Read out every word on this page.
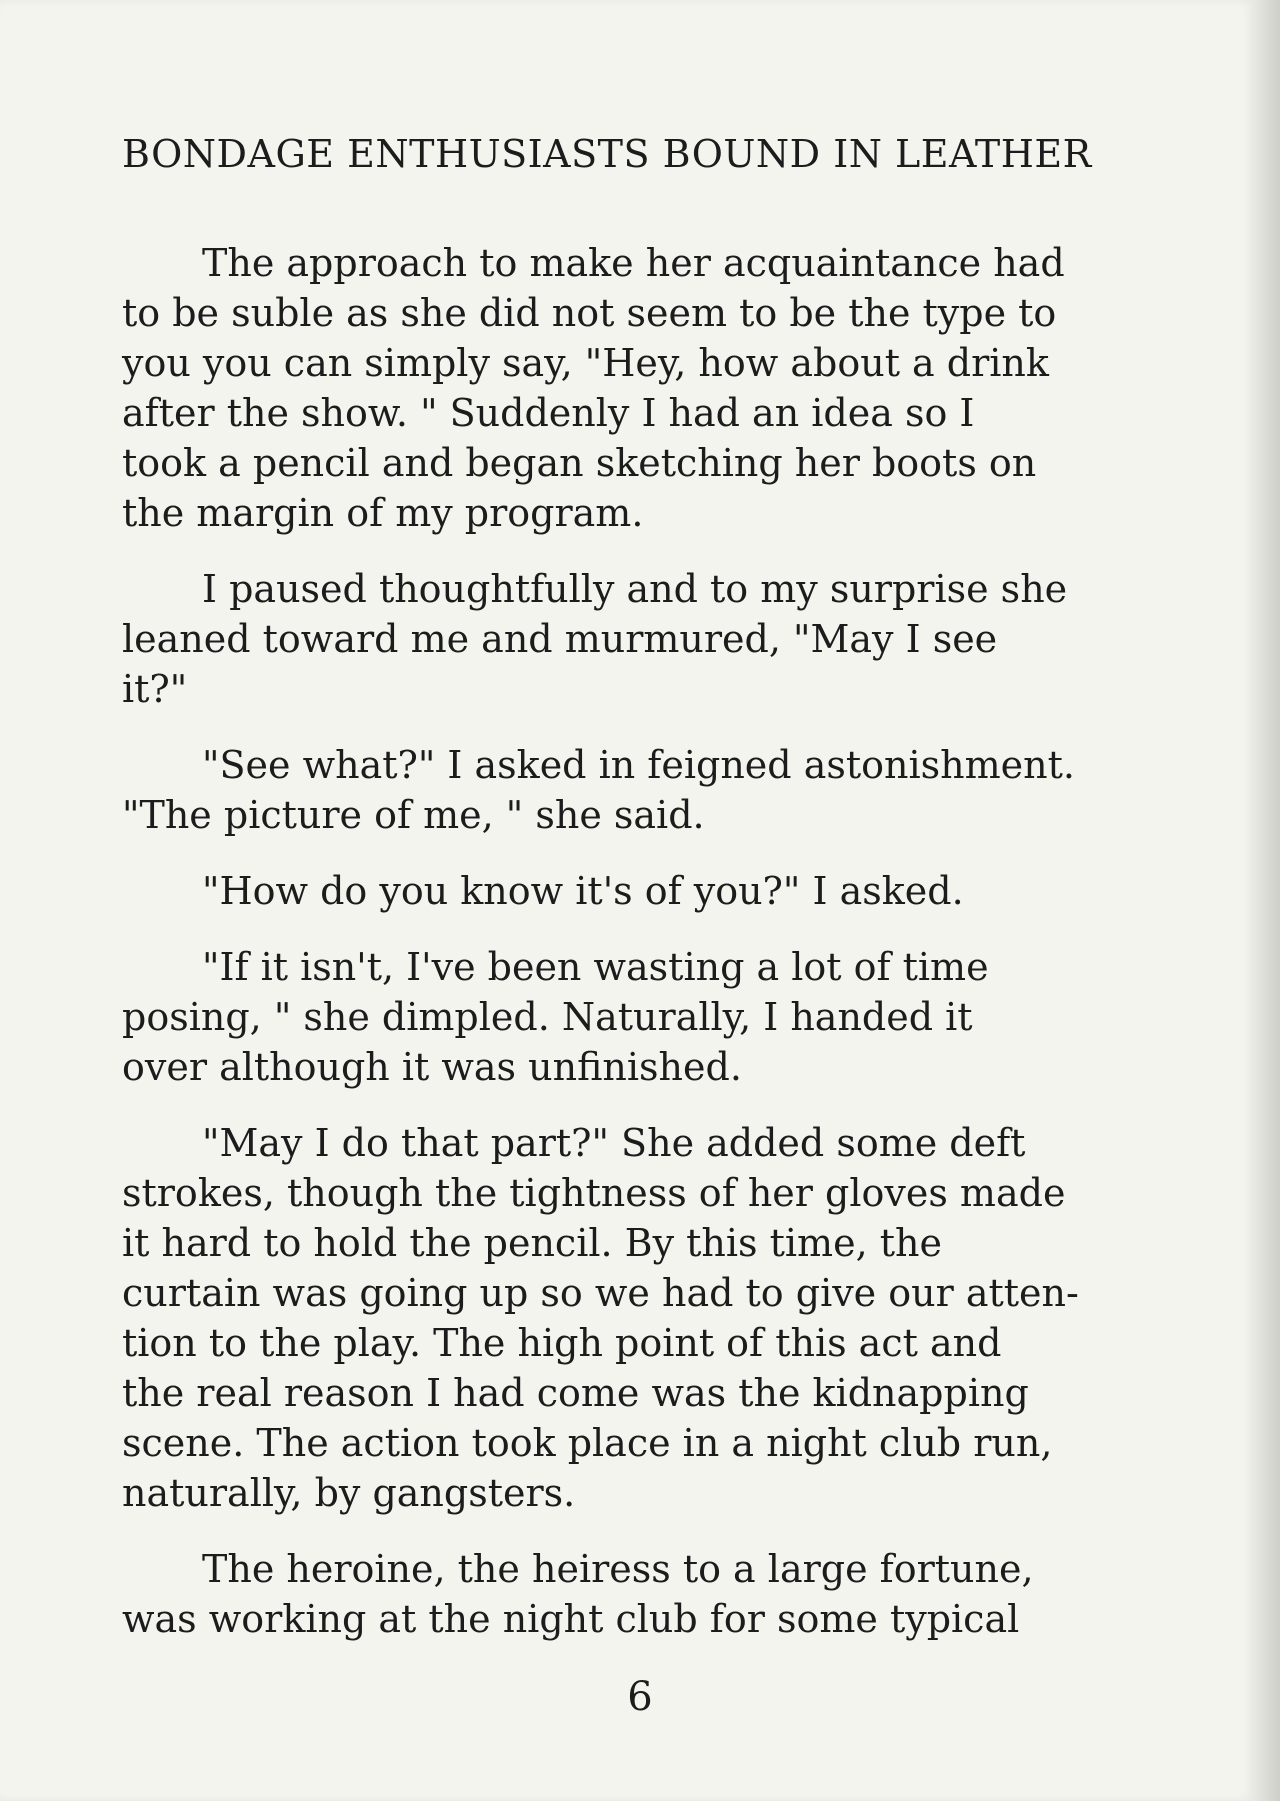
BONDAGE ENTHUSIASTS BOUND IN LEATHER

The approach to make her acquaintance had
to be suble as she did not seem to be the type to
you you can simply say, "Hey, how about a drink
after the show. " Suddenly I had an idea so I
took a pencil and began sketching her boots on
the margin of my program.

I paused thoughtfully and to my surprise she
leaned toward me and murmured, "May I see
it?"

"See what?" I asked in feigned astonishment.
"The picture of me, " she said.

"How do you know it's of you?" I asked.

"If it isn't, I've been wasting a lot of time
posing, " she dimpled. Naturally, I handed it
over although it was unfinished.

"May I do that part?" She added some deft
strokes, though the tightness of her gloves made
it hard to hold the pencil. By this time, the
curtain was going up so we had to give our atten-
tion to the play. The high point of this act and
the real reason I had come was the kidnapping
scene. The action took place in a night club run,
naturally, by gangsters.

The heroine, the heiress to a large fortune,
was working at the night club for some typical

6
